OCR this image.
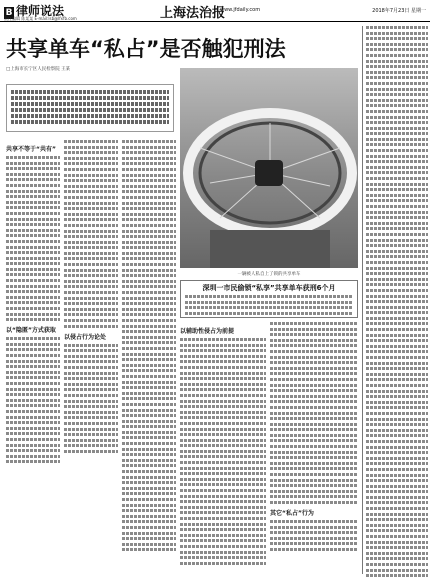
B 律师说法
责任编辑 陈某某 E-mail:lsb@lfxfb.com	上海法治报
www.jfdaily.com	2018年7月23日 星期一
共享单车“私占”是否触犯刑法
□上海市长宁区人民检察院 王某
一辆被人私自上了锁的共享单车
深圳一市民偷锁“私享”共享单车获刑6个月
共享不等于“共有”
以“隐匿”方式获取
以侵占行为论处
以辅助性侵占为前提
其它“私占”行为
